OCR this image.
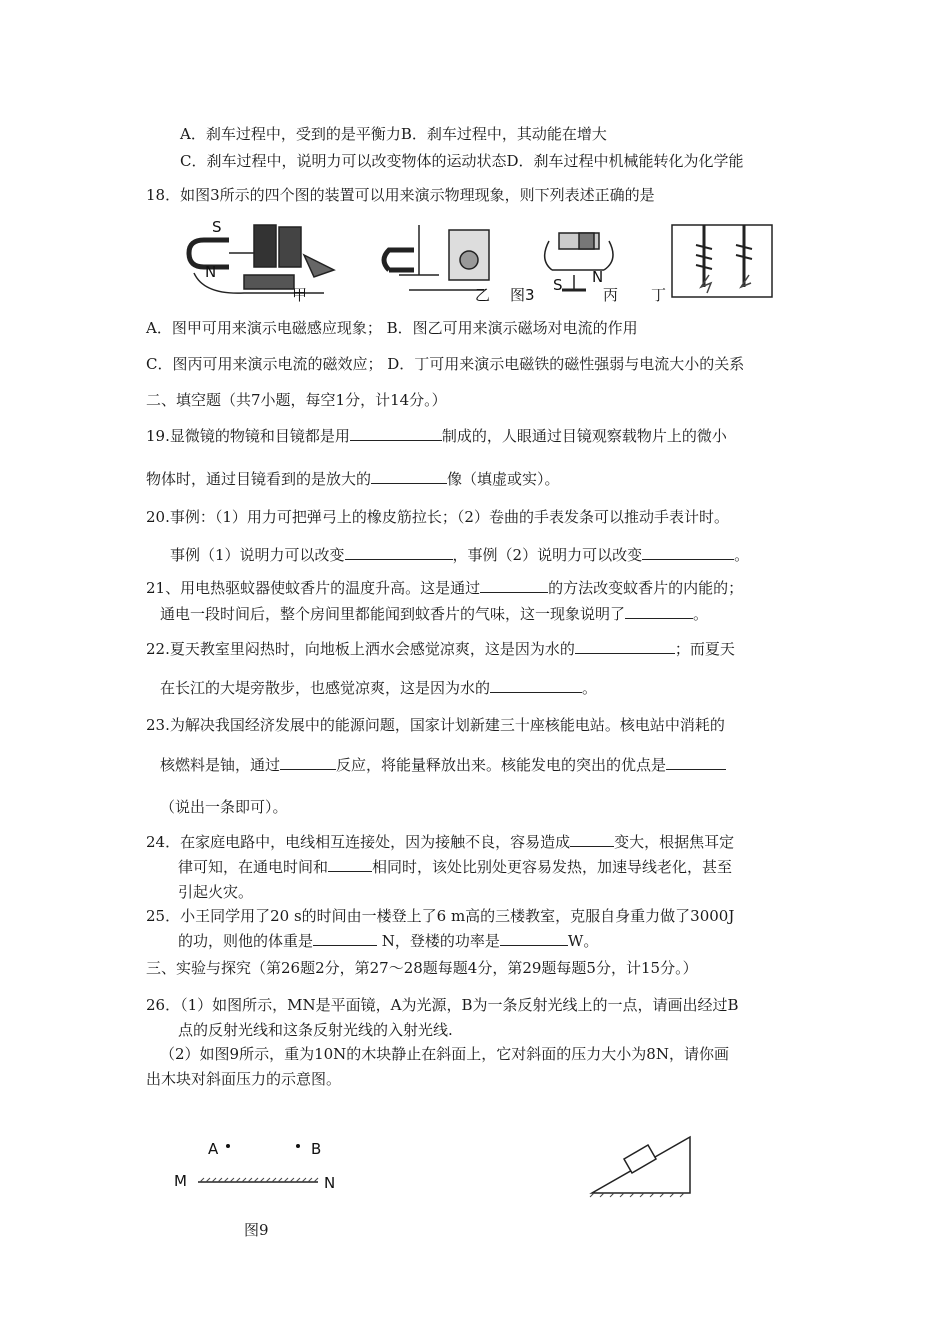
A．刹车过程中，受到的是平衡力B．刹车过程中，其动能在增大
C．刹车过程中，说明力可以改变物体的运动状态D．刹车过程中机械能转化为化学能
18．如图3所示的四个图的装置可以用来演示物理现象，则下列表述正确的是
S
N
甲	乙 图3
S N
丙 丁
A．图甲可用来演示电磁感应现象； B．图乙可用来演示磁场对电流的作用
C．图丙可用来演示电流的磁效应； D．丁可用来演示电磁铁的磁性强弱与电流大小的关系
二、填空题（共7小题，每空1分，计14分。）
19.显微镜的物镜和目镜都是用	制成的，人眼通过目镜观察载物片上的微小
物体时，通过目镜看到的是放大的	像（填虚或实）。
20.事例：（1）用力可把弹弓上的橡皮筋拉长；（2）卷曲的手表发条可以推动手表计时。
事例（1）说明力可以改变	，事例（2）说明力可以改变	。
21、用电热驱蚊器使蚊香片的温度升高。这是通过	的方法改变蚊香片的内能的；
通电一段时间后，整个房间里都能闻到蚊香片的气味，这一现象说明了	。
22.夏天教室里闷热时，向地板上洒水会感觉凉爽，这是因为水的	；而夏天
在长江的大堤旁散步，也感觉凉爽，这是因为水的	。
23.为解决我国经济发展中的能源问题，国家计划新建三十座核能电站。核电站中消耗的
核燃料是铀，通过	反应，将能量释放出来。核能发电的突出的优点是
（说出一条即可）。
24．在家庭电路中，电线相互连接处，因为接触不良，容易造成	变大，根据焦耳定
律可知，在通电时间和	相同时，该处比别处更容易发热，加速导线老化，甚至
引起火灾。
25．小王同学用了20 s的时间由一楼登上了6 m高的三楼教室，克服自身重力做了3000J
的功，则他的体重是	N，登楼的功率是	W。
三、实验与探究（第26题2分，第27～28题每题4分，第29题每题5分，计15分。）
26．（1）如图所示，MN是平面镜，A为光源，B为一条反射光线上的一点，请画出经过B
点的反射光线和这条反射光线的入射光线.
（2）如图9所示，重为10N的木块静止在斜面上，它对斜面的压力大小为8N，请你画
出木块对斜面压力的示意图。
A	B
M	N
图9
